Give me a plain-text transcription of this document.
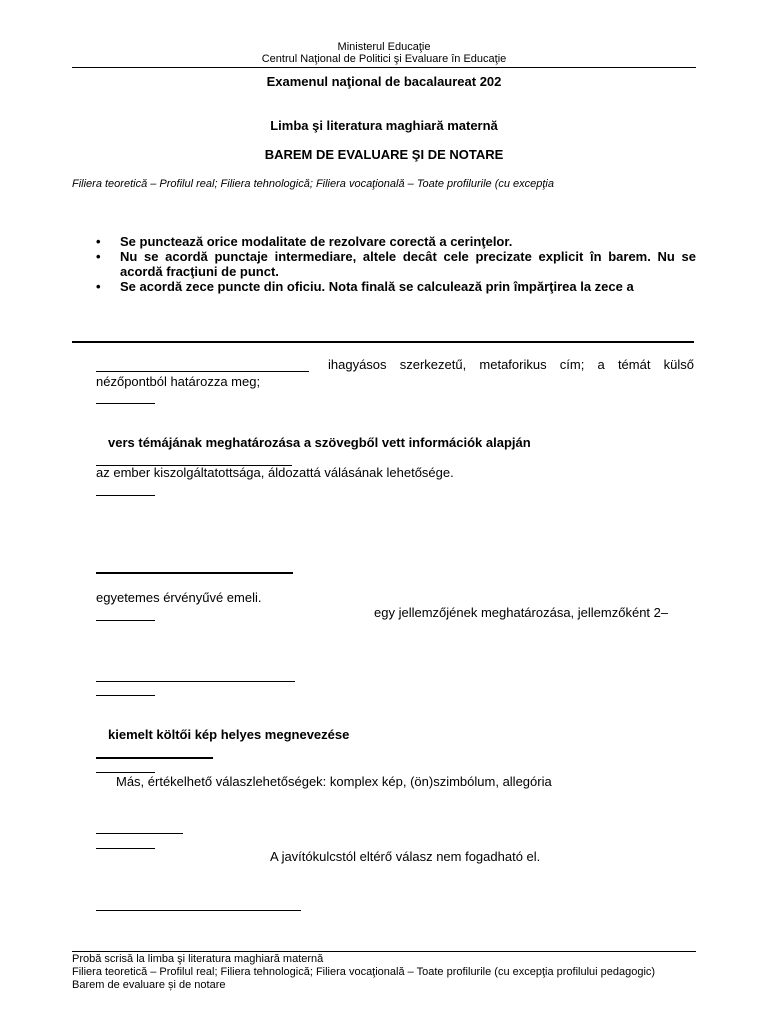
Ministerul Educaţie
Centrul Naţional de Politici şi Evaluare în Educaţie
Examenul naţional de bacalaureat 202
Limba şi literatura maghiară maternă
BAREM DE EVALUARE ŞI DE NOTARE
Filiera teoretică – Profilul real; Filiera tehnologică; Filiera vocaţională – Toate profilurile (cu excepţia
• Se punctează orice modalitate de rezolvare corectă a cerinţelor.
• Nu se acordă punctaje intermediare, altele decât cele precizate explicit în barem. Nu se acordă fracţiuni de punct.
• Se acordă zece puncte din oficiu. Nota finală se calculează prin împărţirea la zece a
ihagyásos szerkezetű, metaforikus cím; a témát külső
nézőpontból határozza meg;
vers témájának meghatározása a szövegből vett információk alapján
az ember kiszolgáltatottsága, áldozattá válásának lehetősége.
egyetemes érvényűvé emeli.
egy jellemzőjének meghatározása, jellemzőként 2–
kiemelt költői kép helyes megnevezése
Más, értékelhető válaszlehetőségek: komplex kép, (ön)szimbólum, allegória
A javítókulcstól eltérő válasz nem fogadható el.
Probă scrisă la limba şi literatura maghiară maternă
Filiera teoretică – Profilul real; Filiera tehnologică; Filiera vocaţională – Toate profilurile (cu excepţia profilului pedagogic)
Barem de evaluare și de notare
